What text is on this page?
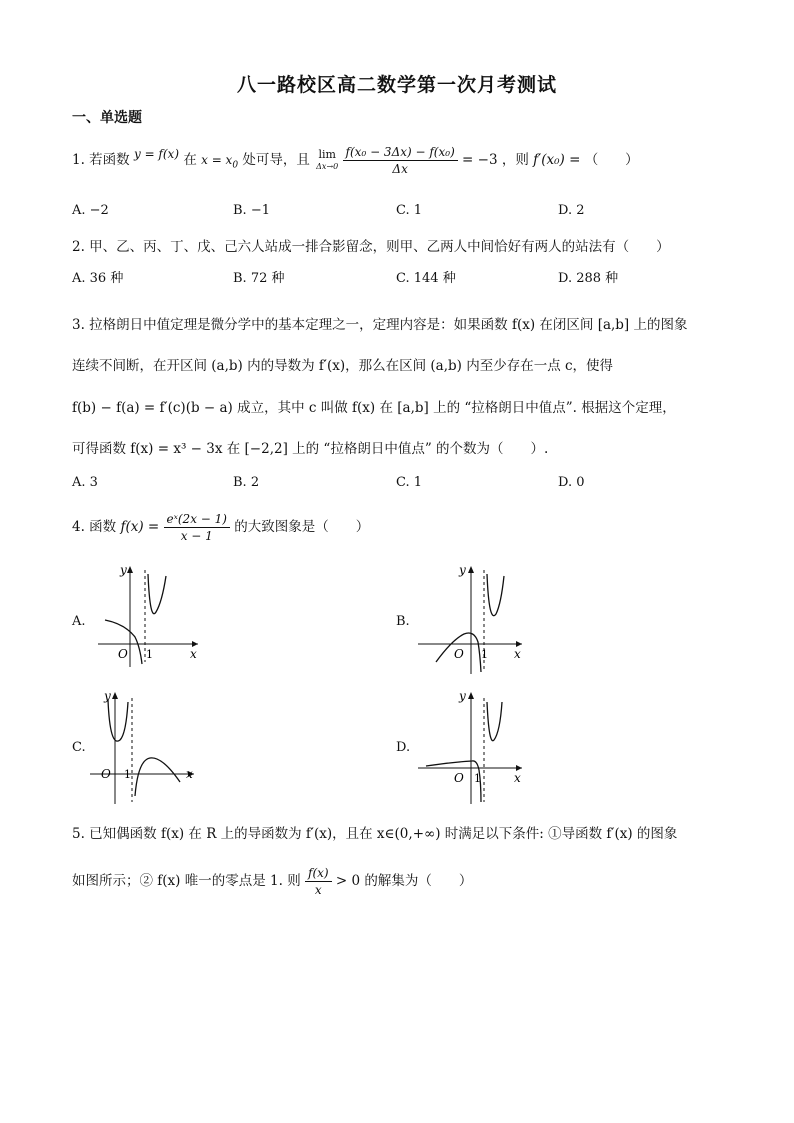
八一路校区高二数学第一次月考测试
一、单选题
1. 若函数 y = f(x) 在 $x = x_0$ 处可导，且 lim
$\Delta x\to 0 \frac{\text{f(x₀ − 3Δx) − f(x₀)}}{\Delta x} = -3$ ，则 f′(x₀) = （　　）
A. −2	B. −1	C. 1	D. 2
2. 甲、乙、丙、丁、戊、己六人站成一排合影留念，则甲、乙两人中间恰好有两人的站法有（　　）
A. 36 种	B. 72 种	C. 144 种	D. 288 种
3. 拉格朗日中值定理是微分学中的基本定理之一，定理内容是：如果函数 f(x) 在闭区间 [a,b] 上的图象
连续不间断，在开区间 (a,b) 内的导数为 f′(x)，那么在区间 (a,b) 内至少存在一点 c，使得
f(b) − f(a) = f′(c)(b − a) 成立，其中 c 叫做 f(x) 在 [a,b] 上的 “拉格朗日中值点”. 根据这个定理，
可得函数 f(x) = x³ − 3x 在 [−2,2] 上的 “拉格朗日中值点” 的个数为（　　）.
A. 3	B. 2	C. 1	D. 0
4. 函数 $f(x) = \frac{\text{eˣ(2x − 1)}}{x - 1}$ 的大致图象是（　　）
A.
y
x
O 1
B.
y
x
O 1
C.
y
x
O 1
D.
y
x
O 1
5. 已知偶函数 f(x) 在 R 上的导函数为 f′(x)，且在 x∈(0,+∞) 时满足以下条件: ①导函数 f′(x) 的图象
如图所示；② f(x) 唯一的零点是 1. 则 $\frac{f(x)}{x} > 0$ 的解集为（　　）
